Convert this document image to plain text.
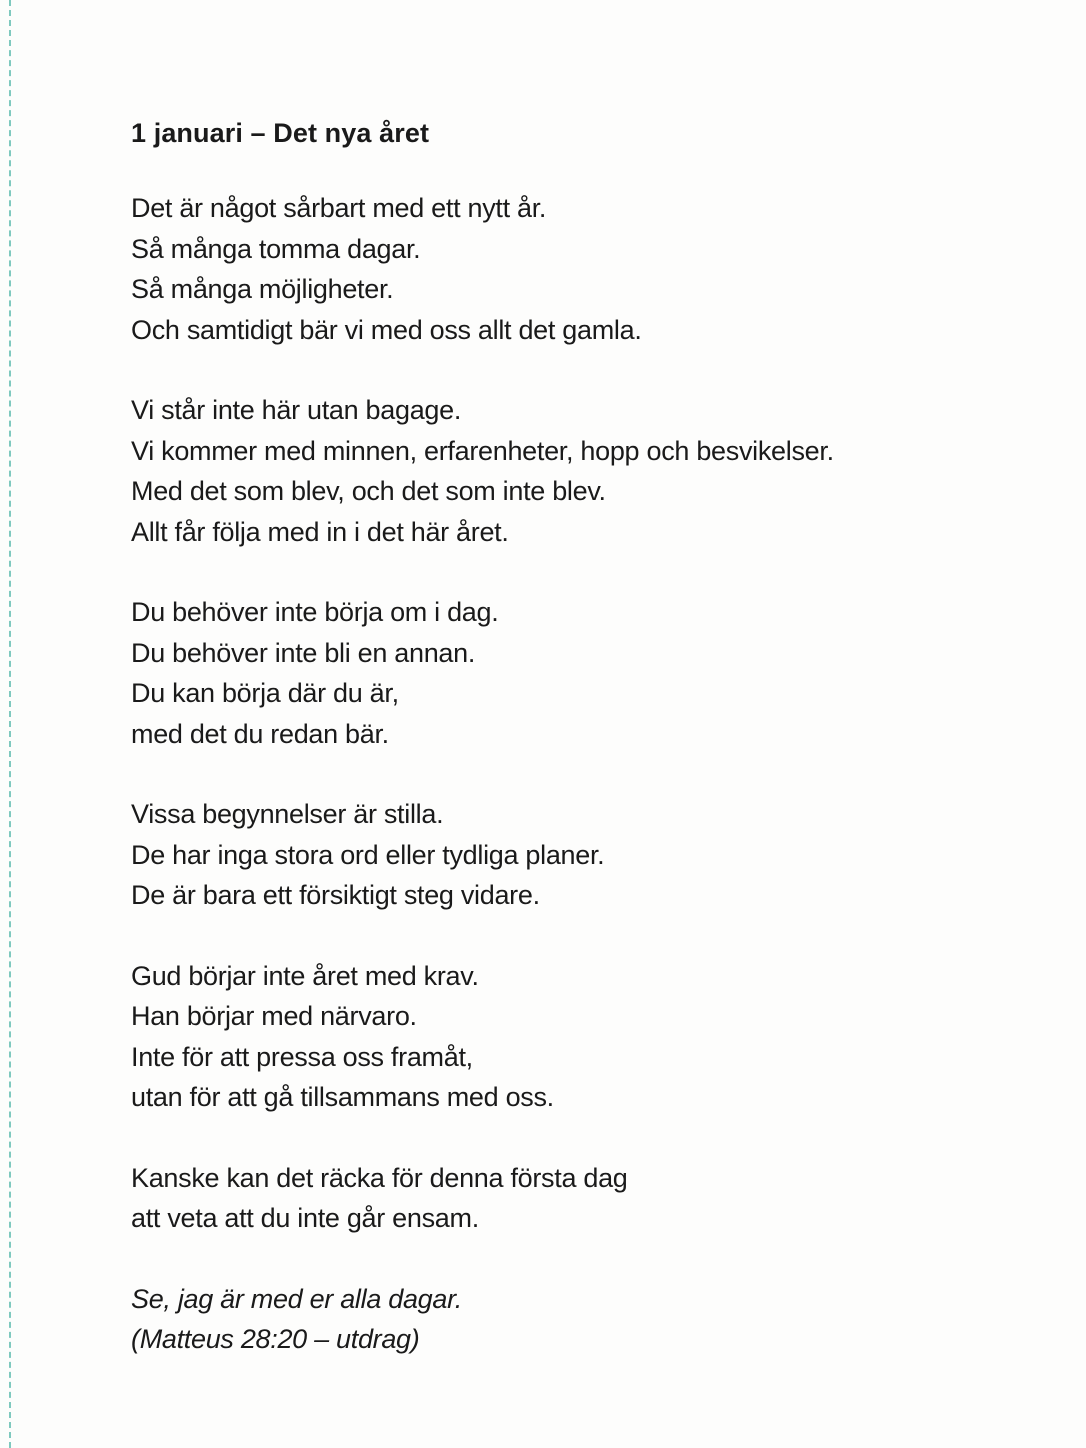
1 januari – Det nya året
Det är något sårbart med ett nytt år.
Så många tomma dagar.
Så många möjligheter.
Och samtidigt bär vi med oss allt det gamla.
Vi står inte här utan bagage.
Vi kommer med minnen, erfarenheter, hopp och besvikelser.
Med det som blev, och det som inte blev.
Allt får följa med in i det här året.
Du behöver inte börja om i dag.
Du behöver inte bli en annan.
Du kan börja där du är,
med det du redan bär.
Vissa begynnelser är stilla.
De har inga stora ord eller tydliga planer.
De är bara ett försiktigt steg vidare.
Gud börjar inte året med krav.
Han börjar med närvaro.
Inte för att pressa oss framåt,
utan för att gå tillsammans med oss.
Kanske kan det räcka för denna första dag
att veta att du inte går ensam.
Se, jag är med er alla dagar.
(Matteus 28:20 – utdrag)
